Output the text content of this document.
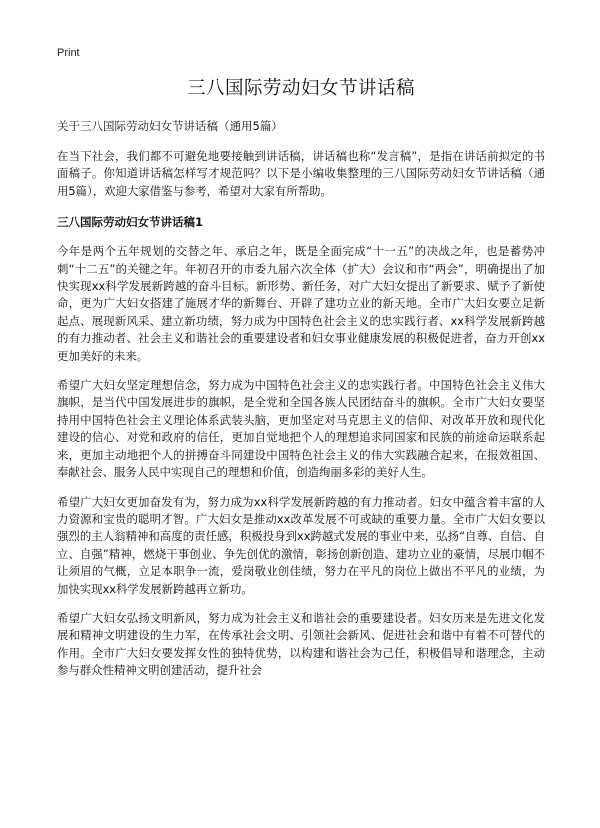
Print
三八国际劳动妇女节讲话稿

关于三八国际劳动妇女节讲话稿（通用5篇）

在当下社会，我们都不可避免地要接触到讲话稿，讲话稿也称“发言稿”，是指在讲话前拟定的书面稿子。你知道讲话稿怎样写才规范吗？以下是小编收集整理的三八国际劳动妇女节讲话稿（通用5篇），欢迎大家借鉴与参考，希望对大家有所帮助。

三八国际劳动妇女节讲话稿1

今年是两个五年规划的交替之年、承启之年，既是全面完成“十一五”的决战之年，也是蓄势冲刺“十二五”的关键之年。年初召开的市委九届六次全体（扩大）会议和市“两会”，明确提出了加快实现xx科学发展新跨越的奋斗目标。新形势、新任务，对广大妇女提出了新要求、赋予了新使命，更为广大妇女搭建了施展才华的新舞台、开辟了建功立业的新天地。全市广大妇女要立足新起点、展现新风采、建立新功绩，努力成为中国特色社会主义的忠实践行者、xx科学发展新跨越的有力推动者、社会主义和谐社会的重要建设者和妇女事业健康发展的积极促进者，奋力开创xx更加美好的未来。

希望广大妇女坚定理想信念，努力成为中国特色社会主义的忠实践行者。中国特色社会主义伟大旗帜，是当代中国发展进步的旗帜，是全党和全国各族人民团结奋斗的旗帜。全市广大妇女要坚持用中国特色社会主义理论体系武装头脑，更加坚定对马克思主义的信仰、对改革开放和现代化建设的信心、对党和政府的信任，更加自觉地把个人的理想追求同国家和民族的前途命运联系起来，更加主动地把个人的拼搏奋斗同建设中国特色社会主义的伟大实践融合起来，在报效祖国、奉献社会、服务人民中实现自己的理想和价值，创造绚丽多彩的美好人生。

希望广大妇女更加奋发有为，努力成为xx科学发展新跨越的有力推动者。妇女中蕴含着丰富的人力资源和宝贵的聪明才智。广大妇女是推动xx改革发展不可或缺的重要力量。全市广大妇女要以强烈的主人翁精神和高度的责任感，积极投身到xx跨越式发展的事业中来，弘扬“自尊、自信、自立、自强”精神，燃烧干事创业、争先创优的激情，彰扬创新创造、建功立业的豪情，尽展巾帼不让须眉的气概，立足本职争一流，爱岗敬业创佳绩，努力在平凡的岗位上做出不平凡的业绩，为加快实现xx科学发展新跨越再立新功。

希望广大妇女弘扬文明新风，努力成为社会主义和谐社会的重要建设者。妇女历来是先进文化发展和精神文明建设的生力军，在传承社会文明、引领社会新风、促进社会和谐中有着不可替代的作用。全市广大妇女要发挥女性的独特优势，以构建和谐社会为己任，积极倡导和谐理念，主动参与群众性精神文明创建活动，提升社会
